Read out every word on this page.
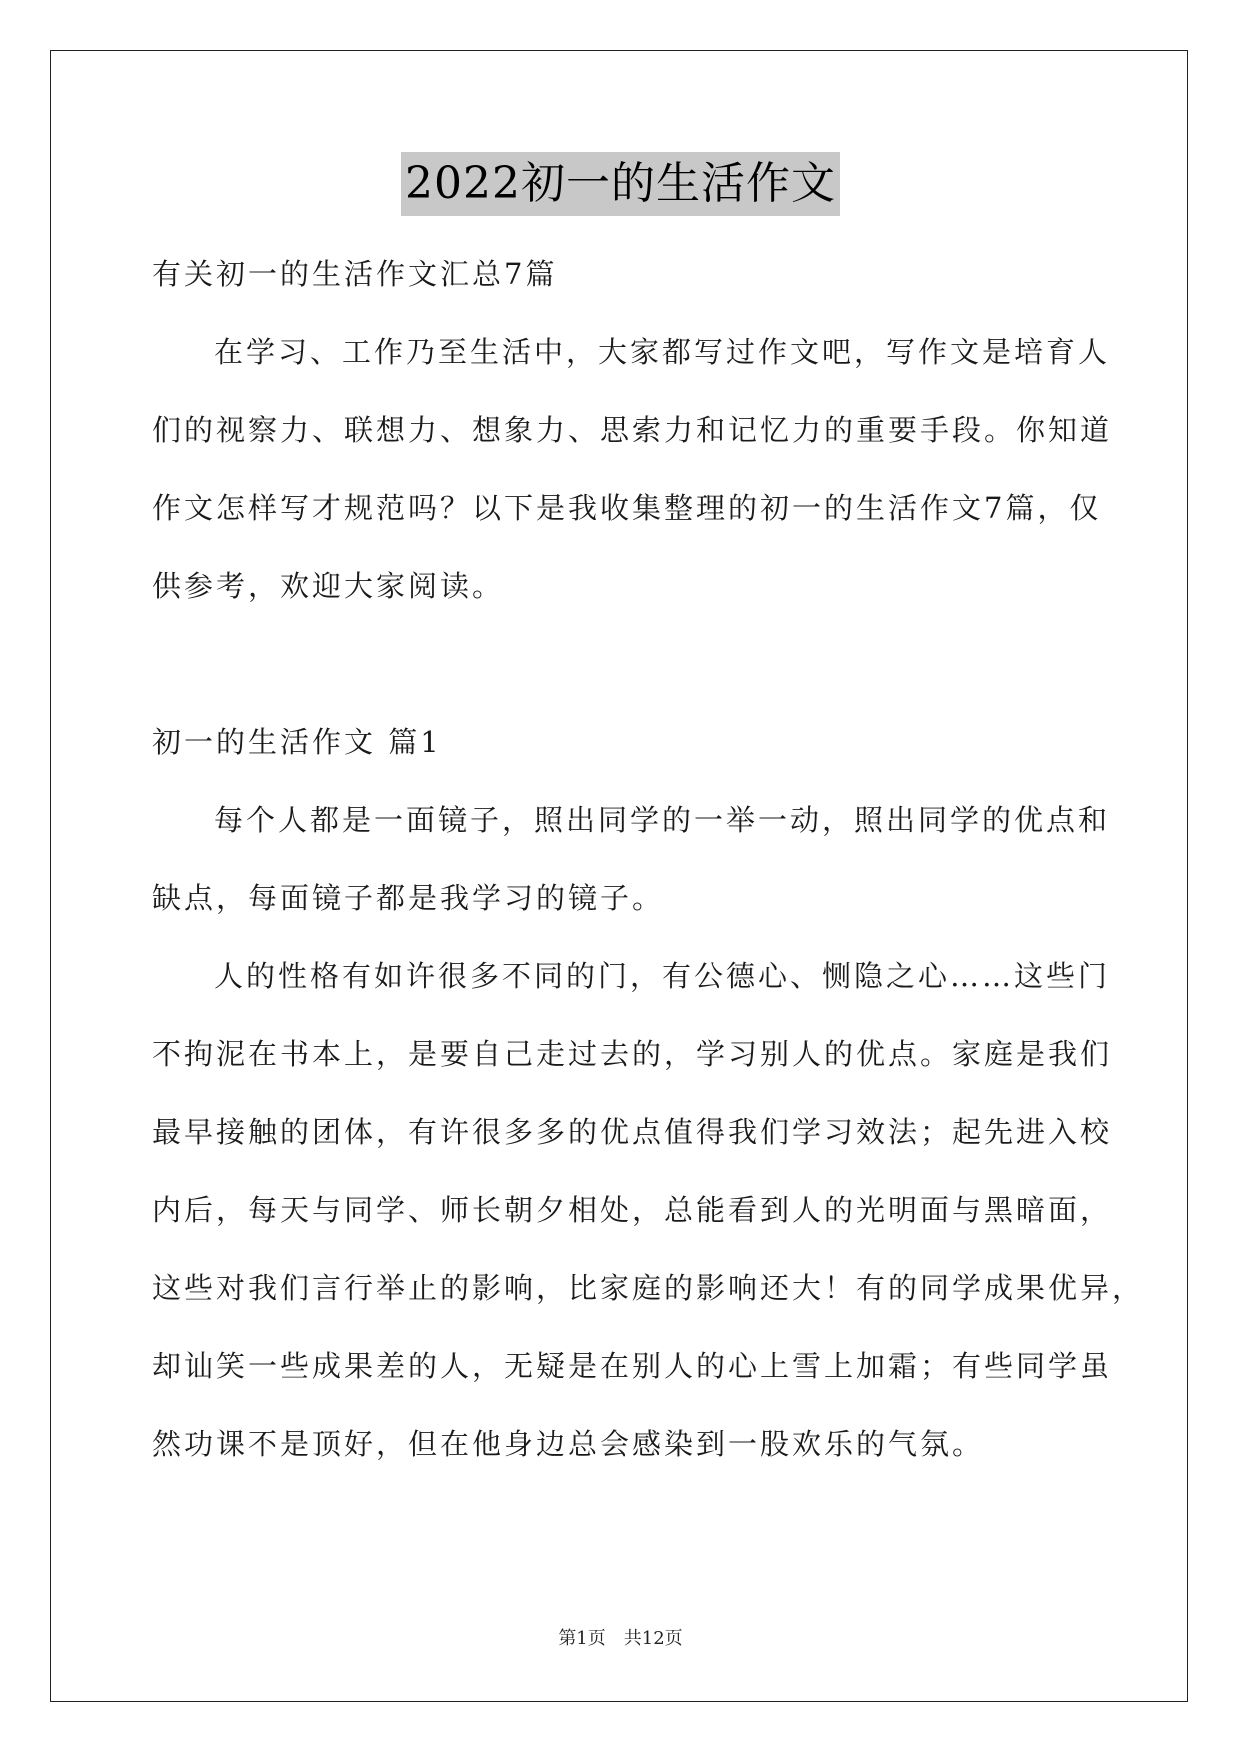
2022初一的生活作文
有关初一的生活作文汇总7篇
在学习、工作乃至生活中，大家都写过作文吧，写作文是培育人
们的视察力、联想力、想象力、思索力和记忆力的重要手段。你知道
作文怎样写才规范吗？以下是我收集整理的初一的生活作文7篇，仅
供参考，欢迎大家阅读。
初一的生活作文 篇1
每个人都是一面镜子，照出同学的一举一动，照出同学的优点和
缺点，每面镜子都是我学习的镜子。
人的性格有如许很多不同的门，有公德心、恻隐之心……这些门
不拘泥在书本上，是要自己走过去的，学习别人的优点。家庭是我们
最早接触的团体，有许很多多的优点值得我们学习效法；起先进入校
内后，每天与同学、师长朝夕相处，总能看到人的光明面与黑暗面，
这些对我们言行举止的影响，比家庭的影响还大！有的同学成果优异，
却讪笑一些成果差的人，无疑是在别人的心上雪上加霜；有些同学虽
然功课不是顶好，但在他身边总会感染到一股欢乐的气氛。
第1页　共12页
